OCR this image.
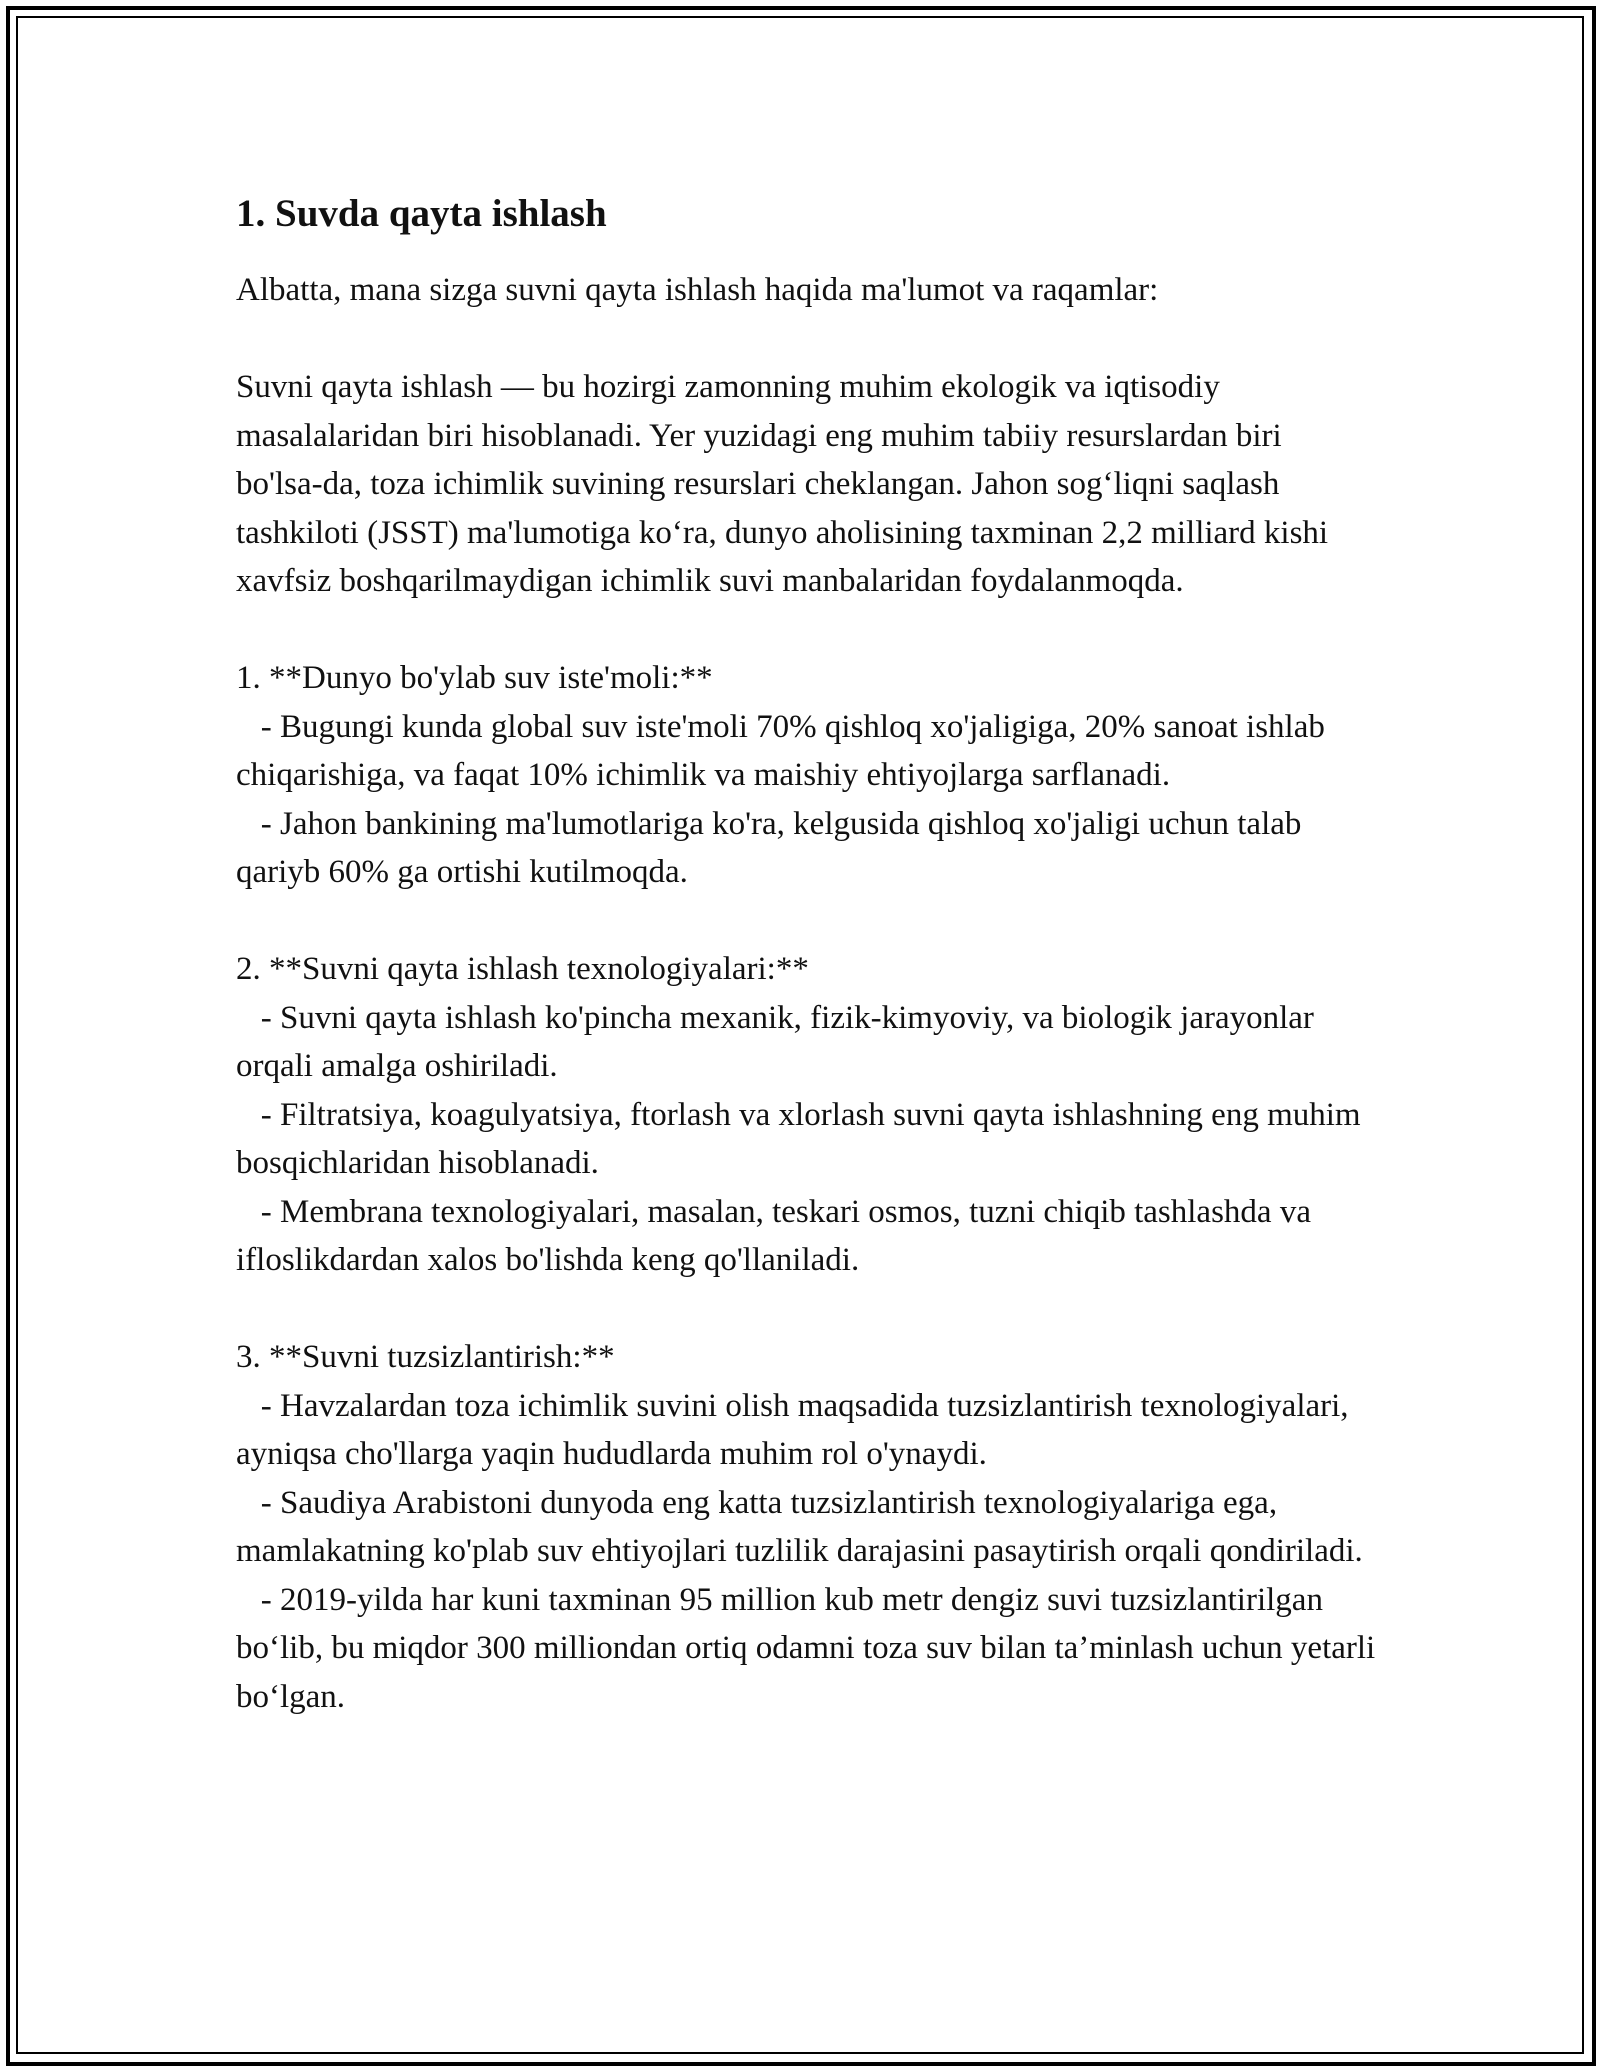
1. Suvda qayta ishlash

Albatta, mana sizga suvni qayta ishlash haqida ma'lumot va raqamlar:

Suvni qayta ishlash — bu hozirgi zamonning muhim ekologik va iqtisodiy masalalaridan biri hisoblanadi. Yer yuzidagi eng muhim tabiiy resurslardan biri bo'lsa-da, toza ichimlik suvining resurslari cheklangan. Jahon sog‘liqni saqlash tashkiloti (JSST) ma'lumotiga ko‘ra, dunyo aholisining taxminan 2,2 milliard kishi xavfsiz boshqarilmaydigan ichimlik suvi manbalaridan foydalanmoqda.

1. **Dunyo bo'ylab suv iste'moli:**

- Bugungi kunda global suv iste'moli 70% qishloq xo'jaligiga, 20% sanoat ishlab chiqarishiga, va faqat 10% ichimlik va maishiy ehtiyojlarga sarflanadi.

- Jahon bankining ma'lumotlariga ko'ra, kelgusida qishloq xo'jaligi uchun talab qariyb 60% ga ortishi kutilmoqda.

2. **Suvni qayta ishlash texnologiyalari:**

- Suvni qayta ishlash ko'pincha mexanik, fizik-kimyoviy, va biologik jarayonlar orqali amalga oshiriladi.

- Filtratsiya, koagulyatsiya, ftorlash va xlorlash suvni qayta ishlashning eng muhim bosqichlaridan hisoblanadi.

- Membrana texnologiyalari, masalan, teskari osmos, tuzni chiqib tashlashda va ifloslikdardan xalos bo'lishda keng qo'llaniladi.

3. **Suvni tuzsizlantirish:**

- Havzalardan toza ichimlik suvini olish maqsadida tuzsizlantirish texnologiyalari, ayniqsa cho'llarga yaqin hududlarda muhim rol o'ynaydi.

- Saudiya Arabistoni dunyoda eng katta tuzsizlantirish texnologiyalariga ega, mamlakatning ko'plab suv ehtiyojlari tuzlilik darajasini pasaytirish orqali qondiriladi.

- 2019-yilda har kuni taxminan 95 million kub metr dengiz suvi tuzsizlantirilgan bo‘lib, bu miqdor 300 milliondan ortiq odamni toza suv bilan ta’minlash uchun yetarli bo‘lgan.
